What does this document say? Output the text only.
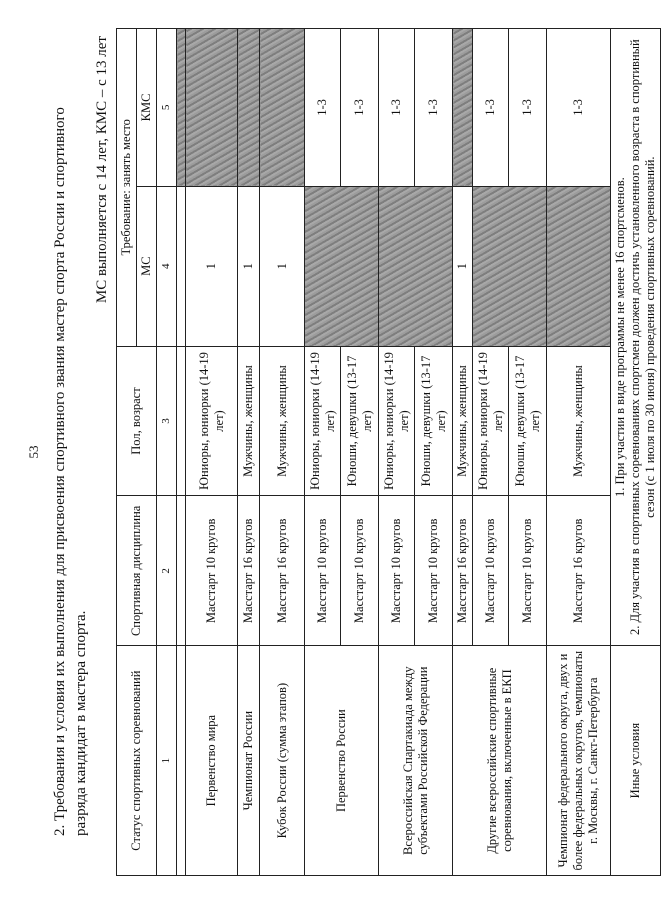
53 2. Требования и условия их выполнения для присвоения спортивного звания мастер спорта России и спортивного разряда кандидат в мастера спорта.
МС выполняется с 14 лет, КМС – с 13 лет
Статус спортивных соревнований	Спортивная дисциплина	Пол, возраст	Требование: занять место	
			МС	КМС
1	2	3	4	5

Первенство мира	Масстарт 10 кругов	Юниоры, юниорки (14-19 лет)	1	
Чемпионат России	Масстарт 16 кругов	Мужчины, женщины	1	
Кубок России (сумма этапов)	Масстарт 16 кругов	Мужчины, женщины	1	
Первенство России	Масстарт 10 кругов	Юниоры, юниорки (14-19 лет)		1-3
	Масстарт 10 кругов	Юноши, девушки (13-17 лет)		1-3
Всероссийская Спартакиада между субъектами Российской Федерации	Масстарт 10 кругов	Юниоры, юниорки (14-19 лет)		1-3
	Масстарт 10 кругов	Юноши, девушки (13-17 лет)		1-3
Другие всероссийские спортивные соревнования, включенные в ЕКП	Масстарт 16 кругов	Мужчины, женщины	1	
	Масстарт 10 кругов	Юниоры, юниорки (14-19 лет)		1-3
	Масстарт 10 кругов	Юноши, девушки (13-17 лет)		1-3
Чемпионат федерального округа, двух и более федеральных округов, чемпионаты г. Москвы, г. Санкт-Петербурга	Масстарт 16 кругов	Мужчины, женщины		1-3
Иные условия	1. При участии в виде программы не менее 16 спортсменов. 2. Для участия в спортивных соревнованиях спортсмен должен достичь установленного возраста в спортивный сезон (с 1 июля по 30 июня) проведения спортивных соревнований.			
